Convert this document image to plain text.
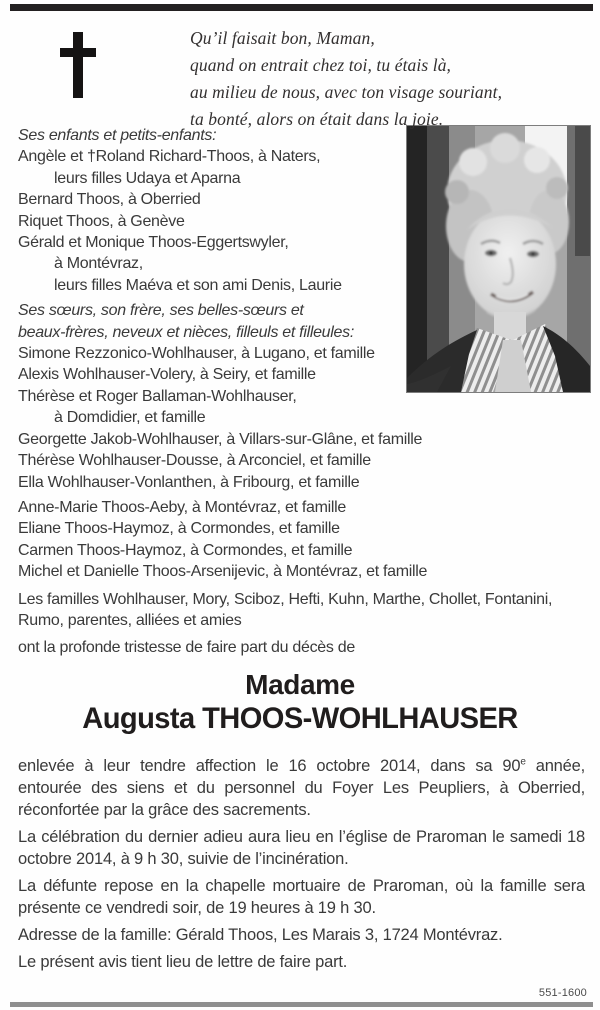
Qu’il faisait bon, Maman,
quand on entrait chez toi, tu étais là,
au milieu de nous, avec ton visage souriant,
ta bonté, alors on était dans la joie.
Ses enfants et petits-enfants:
Angèle et †Roland Richard-Thoos, à Naters,
leurs filles Udaya et Aparna
Bernard Thoos, à Oberried
Riquet Thoos, à Genève
Gérald et Monique Thoos-Eggertswyler,
à Montévraz,
leurs filles Maéva et son ami Denis, Laurie
Ses sœurs, son frère, ses belles-sœurs et
beaux-frères, neveux et nièces, filleuls et filleules:
Simone Rezzonico-Wohlhauser, à Lugano, et famille
Alexis Wohlhauser-Volery, à Seiry, et famille
Thérèse et Roger Ballaman-Wohlhauser,
à Domdidier, et famille
Georgette Jakob-Wohlhauser, à Villars-sur-Glâne, et famille
Thérèse Wohlhauser-Dousse, à Arconciel, et famille
Ella Wohlhauser-Vonlanthen, à Fribourg, et famille
Anne-Marie Thoos-Aeby, à Montévraz, et famille
Eliane Thoos-Haymoz, à Cormondes, et famille
Carmen Thoos-Haymoz, à Cormondes, et famille
Michel et Danielle Thoos-Arsenijevic, à Montévraz, et famille
Les familles Wohlhauser, Mory, Sciboz, Hefti, Kuhn, Marthe, Chollet, Fontanini, Rumo, parentes, alliées et amies
ont la profonde tristesse de faire part du décès de
Madame
Augusta THOOS-WOHLHAUSER

enlevée à leur tendre affection le 16 octobre 2014, dans sa 90e année, entourée des siens et du personnel du Foyer Les Peupliers, à Oberried, réconfortée par la grâce des sacrements.

La célébration du dernier adieu aura lieu en l’église de Praroman le samedi 18 octobre 2014, à 9 h 30, suivie de l’incinération.

La défunte repose en la chapelle mortuaire de Praroman, où la famille sera présente ce vendredi soir, de 19 heures à 19 h 30.

Adresse de la famille: Gérald Thoos, Les Marais 3, 1724 Montévraz.

Le présent avis tient lieu de lettre de faire part.

551-1600
